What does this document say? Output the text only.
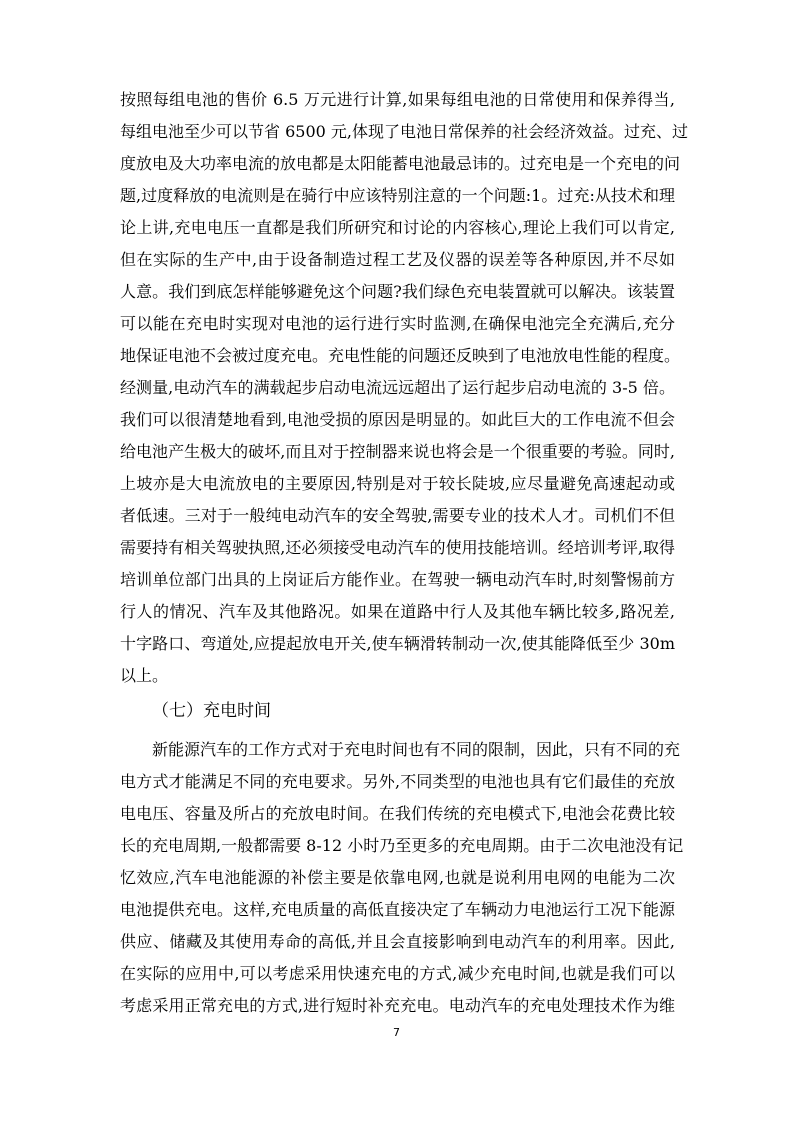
按照每组电池的售价 6.5 万元进行计算,如果每组电池的日常使用和保养得当,
每组电池至少可以节省 6500 元,体现了电池日常保养的社会经济效益。过充、过
度放电及大功率电流的放电都是太阳能蓄电池最忌讳的。过充电是一个充电的问
题,过度释放的电流则是在骑行中应该特别注意的一个问题:1。过充:从技术和理
论上讲,充电电压一直都是我们所研究和讨论的内容核心,理论上我们可以肯定,
但在实际的生产中,由于设备制造过程工艺及仪器的误差等各种原因,并不尽如
人意。我们到底怎样能够避免这个问题?我们绿色充电装置就可以解决。该装置
可以能在充电时实现对电池的运行进行实时监测,在确保电池完全充满后,充分
地保证电池不会被过度充电。充电性能的问题还反映到了电池放电性能的程度。
经测量,电动汽车的满载起步启动电流远远超出了运行起步启动电流的 3-5 倍。
我们可以很清楚地看到,电池受损的原因是明显的。如此巨大的工作电流不但会
给电池产生极大的破坏,而且对于控制器来说也将会是一个很重要的考验。同时,
上坡亦是大电流放电的主要原因,特别是对于较长陡坡,应尽量避免高速起动或
者低速。三对于一般纯电动汽车的安全驾驶,需要专业的技术人才。司机们不但
需要持有相关驾驶执照,还必须接受电动汽车的使用技能培训。经培训考评,取得
培训单位部门出具的上岗证后方能作业。在驾驶一辆电动汽车时,时刻警惕前方
行人的情况、汽车及其他路况。如果在道路中行人及其他车辆比较多,路况差,
十字路口、弯道处,应提起放电开关,使车辆滑转制动一次,使其能降低至少 30m
以上。
（七）充电时间
新能源汽车的工作方式对于充电时间也有不同的限制，因此，只有不同的充
电方式才能满足不同的充电要求。另外,不同类型的电池也具有它们最佳的充放
电电压、容量及所占的充放电时间。在我们传统的充电模式下,电池会花费比较
长的充电周期,一般都需要 8-12 小时乃至更多的充电周期。由于二次电池没有记
忆效应,汽车电池能源的补偿主要是依靠电网,也就是说利用电网的电能为二次
电池提供充电。这样,充电质量的高低直接决定了车辆动力电池运行工况下能源
供应、储藏及其使用寿命的高低,并且会直接影响到电动汽车的利用率。因此,
在实际的应用中,可以考虑采用快速充电的方式,减少充电时间,也就是我们可以
考虑采用正常充电的方式,进行短时补充充电。电动汽车的充电处理技术作为维
7
